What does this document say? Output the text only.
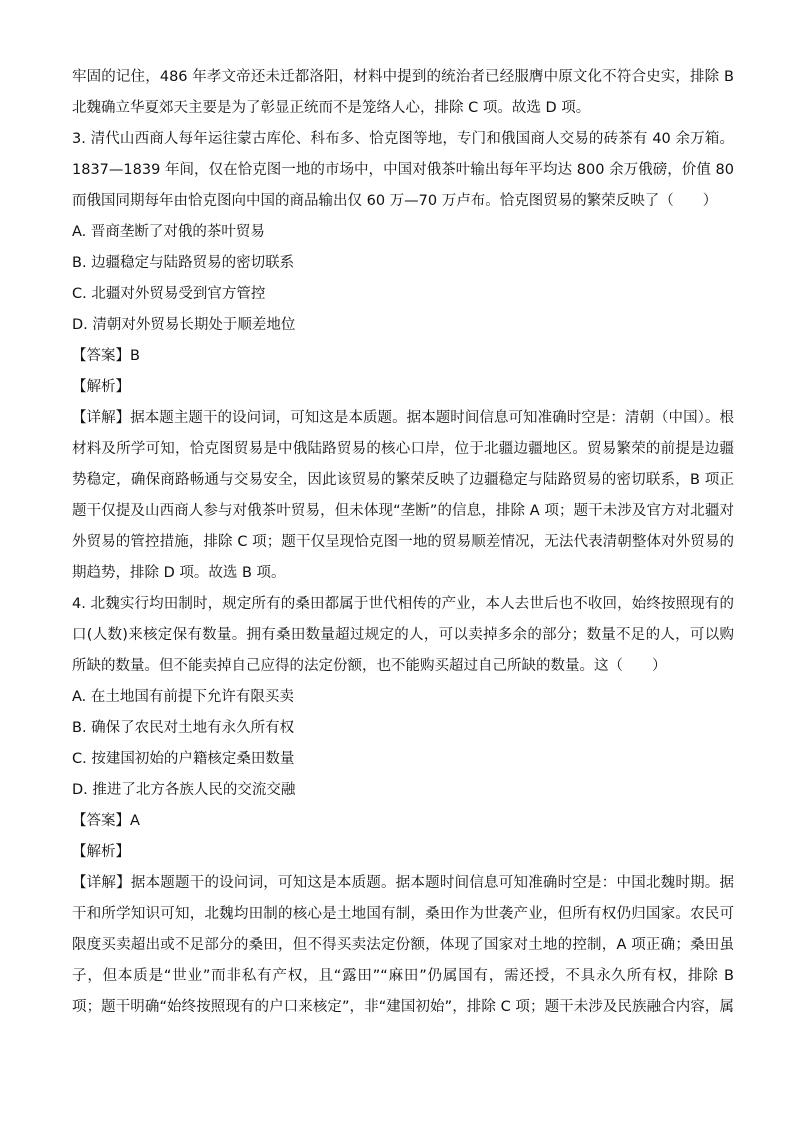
牢固的记住，486 年孝文帝还未迁都洛阳，材料中提到的统治者已经服膺中原文化不符合史实，排除 B
北魏确立华夏郊天主要是为了彰显正统而不是笼络人心，排除 C 项。故选 D 项。
3. 清代山西商人每年运往蒙古库伦、科布多、恰克图等地，专门和俄国商人交易的砖茶有 40 余万箱。
1837—1839 年间，仅在恰克图一地的市场中，中国对俄茶叶输出每年平均达 800 余万俄磅，价值 80
而俄国同期每年由恰克图向中国的商品输出仅 60 万—70 万卢布。恰克图贸易的繁荣反映了（　　）
A. 晋商垄断了对俄的茶叶贸易
B. 边疆稳定与陆路贸易的密切联系
C. 北疆对外贸易受到官方管控
D. 清朝对外贸易长期处于顺差地位
【答案】B
【解析】
【详解】据本题主题干的设问词，可知这是本质题。据本题时间信息可知准确时空是：清朝（中国）。根
材料及所学可知，恰克图贸易是中俄陆路贸易的核心口岸，位于北疆边疆地区。贸易繁荣的前提是边疆
势稳定，确保商路畅通与交易安全，因此该贸易的繁荣反映了边疆稳定与陆路贸易的密切联系，B 项正
题干仅提及山西商人参与对俄茶叶贸易，但未体现“垄断”的信息，排除 A 项；题干未涉及官方对北疆对
外贸易的管控措施，排除 C 项；题干仅呈现恰克图一地的贸易顺差情况，无法代表清朝整体对外贸易的
期趋势，排除 D 项。故选 B 项。
4. 北魏实行均田制时，规定所有的桑田都属于世代相传的产业，本人去世后也不收回，始终按照现有的
口(人数)来核定保有数量。拥有桑田数量超过规定的人，可以卖掉多余的部分；数量不足的人，可以购
所缺的数量。但不能卖掉自己应得的法定份额，也不能购买超过自己所缺的数量。这（　　）
A. 在土地国有前提下允许有限买卖
B. 确保了农民对土地有永久所有权
C. 按建国初始的户籍核定桑田数量
D. 推进了北方各族人民的交流交融
【答案】A
【解析】
【详解】据本题题干的设问词，可知这是本质题。据本题时间信息可知准确时空是：中国北魏时期。据
干和所学知识可知，北魏均田制的核心是土地国有制，桑田作为世袭产业，但所有权仍归国家。农民可
限度买卖超出或不足部分的桑田，但不得买卖法定份额，体现了国家对土地的控制，A 项正确；桑田虽
子，但本质是“世业”而非私有产权，且“露田”“麻田”仍属国有，需还授，不具永久所有权，排除 B
项；题干明确“始终按照现有的户口来核定”，非“建国初始”，排除 C 项；题干未涉及民族融合内容，属
